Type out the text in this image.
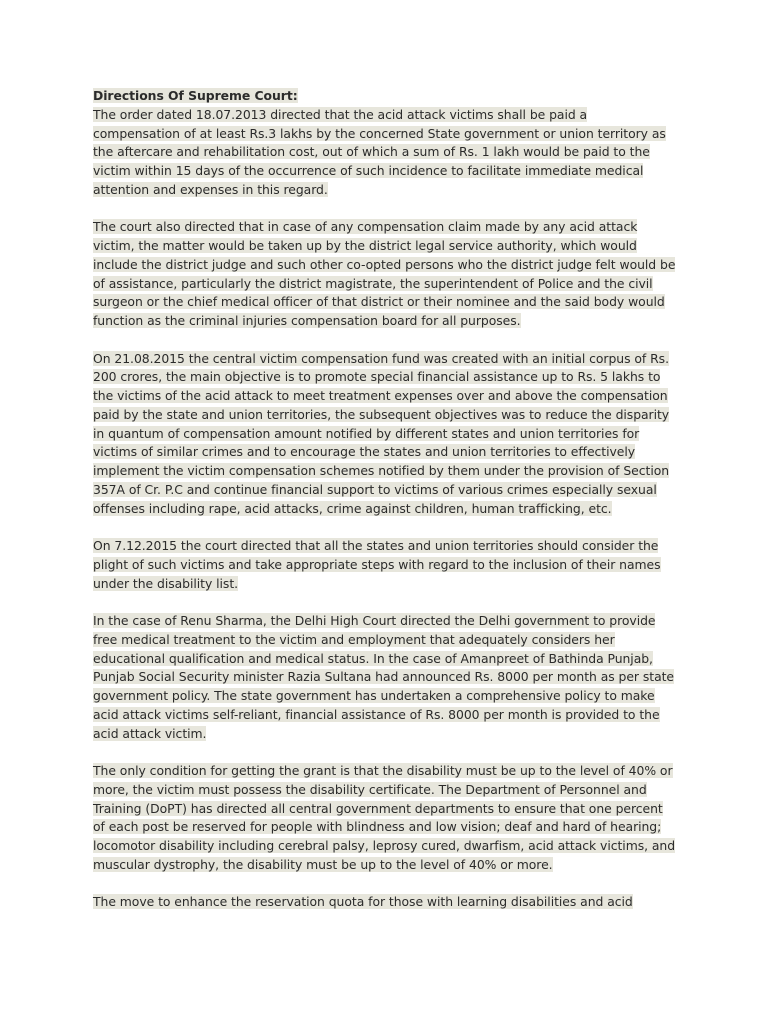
Directions Of Supreme Court:

The order dated 18.07.2013 directed that the acid attack victims shall be paid a compensation of at least Rs.3 lakhs by the concerned State government or union territory as the aftercare and rehabilitation cost, out of which a sum of Rs. 1 lakh would be paid to the victim within 15 days of the occurrence of such incidence to facilitate immediate medical attention and expenses in this regard.

The court also directed that in case of any compensation claim made by any acid attack victim, the matter would be taken up by the district legal service authority, which would include the district judge and such other co-opted persons who the district judge felt would be of assistance, particularly the district magistrate, the superintendent of Police and the civil surgeon or the chief medical officer of that district or their nominee and the said body would function as the criminal injuries compensation board for all purposes.

On 21.08.2015 the central victim compensation fund was created with an initial corpus of Rs. 200 crores, the main objective is to promote special financial assistance up to Rs. 5 lakhs to the victims of the acid attack to meet treatment expenses over and above the compensation paid by the state and union territories, the subsequent objectives was to reduce the disparity in quantum of compensation amount notified by different states and union territories for victims of similar crimes and to encourage the states and union territories to effectively implement the victim compensation schemes notified by them under the provision of Section 357A of Cr. P.C and continue financial support to victims of various crimes especially sexual offenses including rape, acid attacks, crime against children, human trafficking, etc.

On 7.12.2015 the court directed that all the states and union territories should consider the plight of such victims and take appropriate steps with regard to the inclusion of their names under the disability list.

In the case of Renu Sharma, the Delhi High Court directed the Delhi government to provide free medical treatment to the victim and employment that adequately considers her educational qualification and medical status. In the case of Amanpreet of Bathinda Punjab, Punjab Social Security minister Razia Sultana had announced Rs. 8000 per month as per state government policy. The state government has undertaken a comprehensive policy to make acid attack victims self-reliant, financial assistance of Rs. 8000 per month is provided to the acid attack victim.

The only condition for getting the grant is that the disability must be up to the level of 40% or more, the victim must possess the disability certificate. The Department of Personnel and Training (DoPT) has directed all central government departments to ensure that one percent of each post be reserved for people with blindness and low vision; deaf and hard of hearing; locomotor disability including cerebral palsy, leprosy cured, dwarfism, acid attack victims, and muscular dystrophy, the disability must be up to the level of 40% or more.

The move to enhance the reservation quota for those with learning disabilities and acid
